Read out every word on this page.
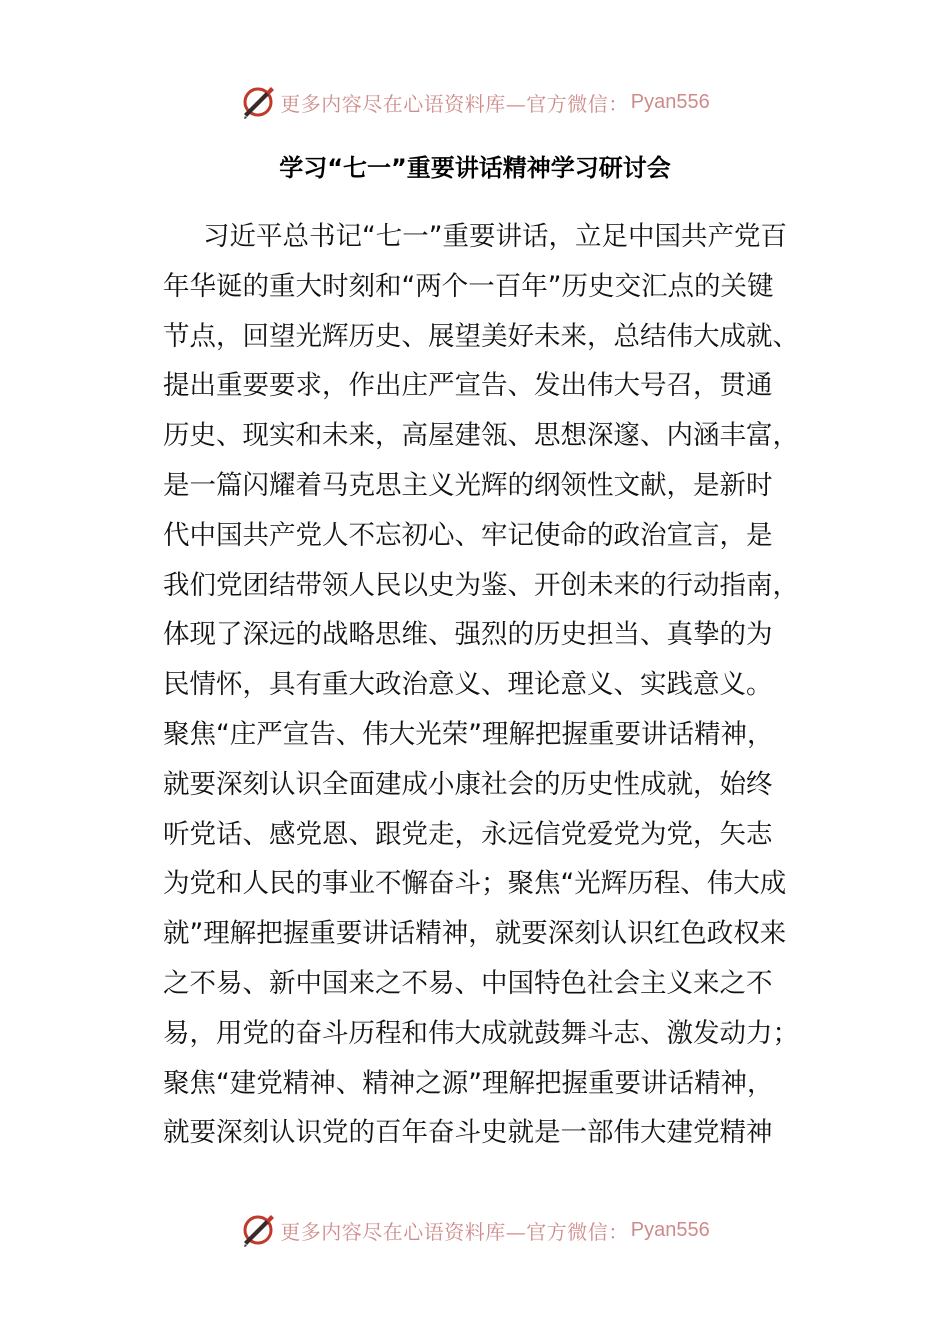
更多内容尽在心语资料库—官方微信： Pyan556
学习“七一”重要讲话精神学习研讨会
习近平总书记“七一”重要讲话，立足中国共产党百
年华诞的重大时刻和“两个一百年”历史交汇点的关键
节点，回望光辉历史、展望美好未来，总结伟大成就、
提出重要要求，作出庄严宣告、发出伟大号召，贯通
历史、现实和未来，高屋建瓴、思想深邃、内涵丰富，
是一篇闪耀着马克思主义光辉的纲领性文献，是新时
代中国共产党人不忘初心、牢记使命的政治宣言，是
我们党团结带领人民以史为鉴、开创未来的行动指南，
体现了深远的战略思维、强烈的历史担当、真挚的为
民情怀，具有重大政治意义、理论意义、实践意义。
聚焦“庄严宣告、伟大光荣”理解把握重要讲话精神，
就要深刻认识全面建成小康社会的历史性成就，始终
听党话、感党恩、跟党走，永远信党爱党为党，矢志
为党和人民的事业不懈奋斗；聚焦“光辉历程、伟大成
就”理解把握重要讲话精神，就要深刻认识红色政权来
之不易、新中国来之不易、中国特色社会主义来之不
易，用党的奋斗历程和伟大成就鼓舞斗志、激发动力；
聚焦“建党精神、精神之源”理解把握重要讲话精神，
就要深刻认识党的百年奋斗史就是一部伟大建党精神
更多内容尽在心语资料库—官方微信： Pyan556
